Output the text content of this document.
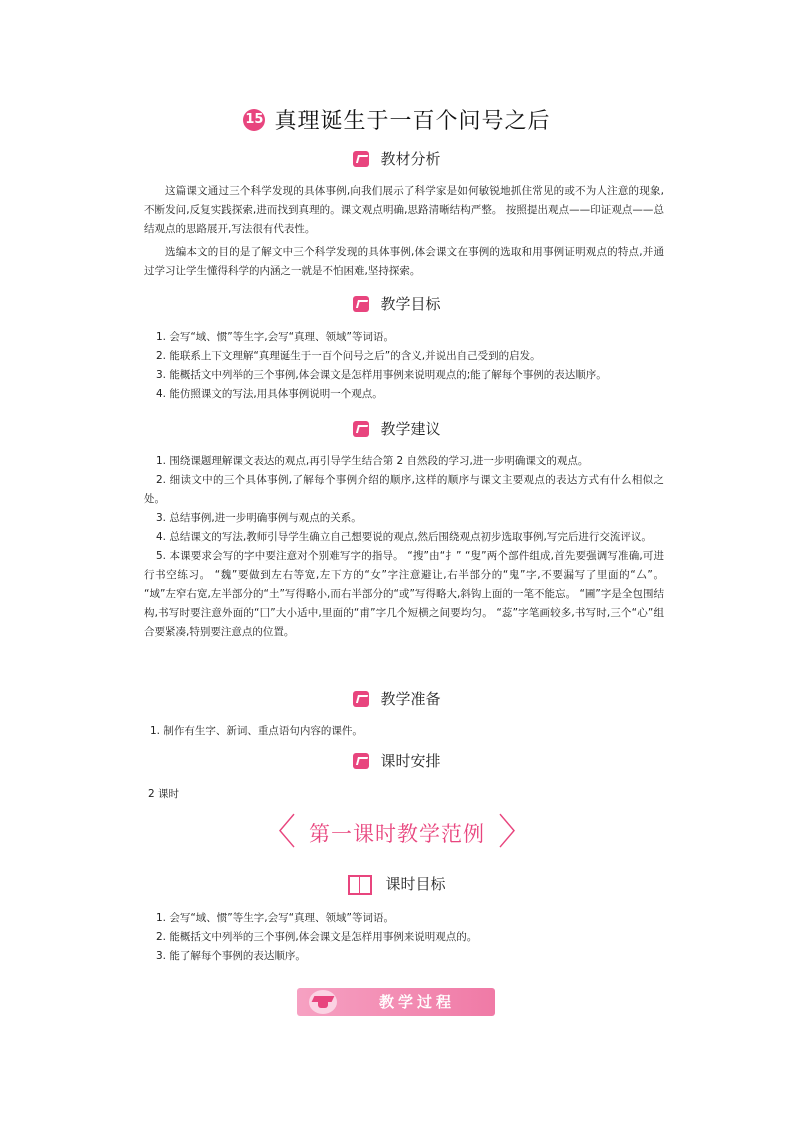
15 真理诞生于一百个问号之后
教材分析

这篇课文通过三个科学发现的具体事例,向我们展示了科学家是如何敏锐地抓住常见的或不为人注意的现象,不断发问,反复实践探索,进而找到真理的。课文观点明确,思路清晰结构严整。 按照提出观点——印证观点——总结观点的思路展开,写法很有代表性。

选编本文的目的是了解文中三个科学发现的具体事例,体会课文在事例的选取和用事例证明观点的特点,并通过学习让学生懂得科学的内涵之一就是不怕困难,坚持探索。

教学目标
1. 会写“域、惯”等生字,会写“真理、领域”等词语。
2. 能联系上下文理解“真理诞生于一百个问号之后”的含义,并说出自己受到的启发。
3. 能概括文中列举的三个事例,体会课文是怎样用事例来说明观点的;能了解每个事例的表达顺序。
4. 能仿照课文的写法,用具体事例说明一个观点。
教学建议
1. 围绕课题理解课文表达的观点,再引导学生结合第 2 自然段的学习,进一步明确课文的观点。
2. 细读文中的三个具体事例,了解每个事例介绍的顺序,这样的顺序与课文主要观点的表达方式有什么相似之处。
3. 总结事例,进一步明确事例与观点的关系。
4. 总结课文的写法,教师引导学生确立自己想要说的观点,然后围绕观点初步选取事例,写完后进行交流评议。
5. 本课要求会写的字中要注意对个别难写字的指导。 “搜”由“扌” “叟”两个部件组成,首先要强调写准确,可进行书空练习。 “魏”要做到左右等宽,左下方的“女”字注意避让,右半部分的“鬼”字,不要漏写了里面的“厶”。 “域”左窄右宽,左半部分的“土”写得略小,而右半部分的“或”写得略大,斜钩上面的一笔不能忘。 “圃”字是全包围结构,书写时要注意外面的“囗”大小适中,里面的“甫”字几个短横之间要均匀。 “蕊”字笔画较多,书写时,三个“心”组合要紧凑,特别要注意点的位置。
教学准备
1. 制作有生字、新词、重点语句内容的课件。
课时安排

2 课时

〈 第一课时教学范例 〉
课时目标
1. 会写“域、惯”等生字,会写“真理、领域”等词语。
2. 能概括文中列举的三个事例,体会课文是怎样用事例来说明观点的。
3. 能了解每个事例的表达顺序。
教学过程
